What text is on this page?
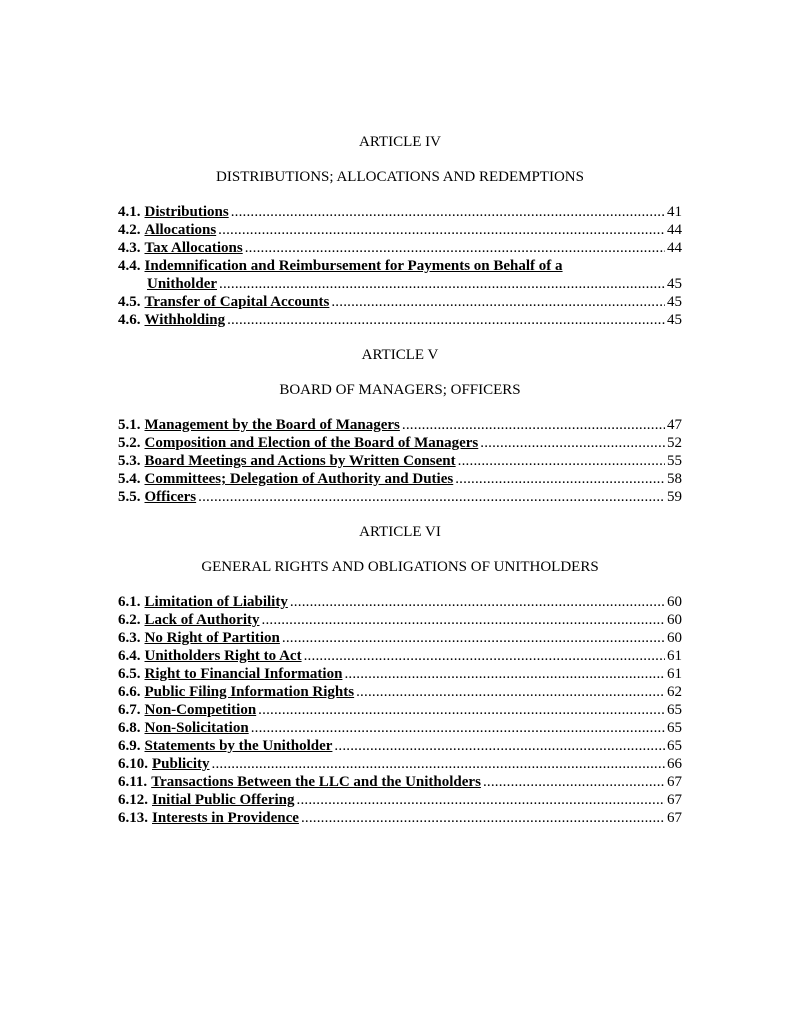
ARTICLE IV
DISTRIBUTIONS; ALLOCATIONS AND REDEMPTIONS
4.1. Distributions .....	41
4.2. Allocations .....	44
4.3. Tax Allocations .....	44
4.4. Indemnification and Reimbursement for Payments on Behalf of a
Unitholder .....	45
4.5. Transfer of Capital Accounts .....	45
4.6. Withholding .....	45
ARTICLE V
BOARD OF MANAGERS; OFFICERS
5.1. Management by the Board of Managers .....	47
5.2. Composition and Election of the Board of Managers .....	52
5.3. Board Meetings and Actions by Written Consent .....	55
5.4. Committees; Delegation of Authority and Duties .....	58
5.5. Officers .....	59
ARTICLE VI
GENERAL RIGHTS AND OBLIGATIONS OF UNITHOLDERS
6.1. Limitation of Liability .....	60
6.2. Lack of Authority .....	60
6.3. No Right of Partition .....	60
6.4. Unitholders Right to Act .....	61
6.5. Right to Financial Information .....	61
6.6. Public Filing Information Rights .....	62
6.7. Non-Competition .....	65
6.8. Non-Solicitation .....	65
6.9. Statements by the Unitholder .....	65
6.10. Publicity .....	66
6.11. Transactions Between the LLC and the Unitholders .....	67
6.12. Initial Public Offering .....	67
6.13. Interests in Providence .....	67
